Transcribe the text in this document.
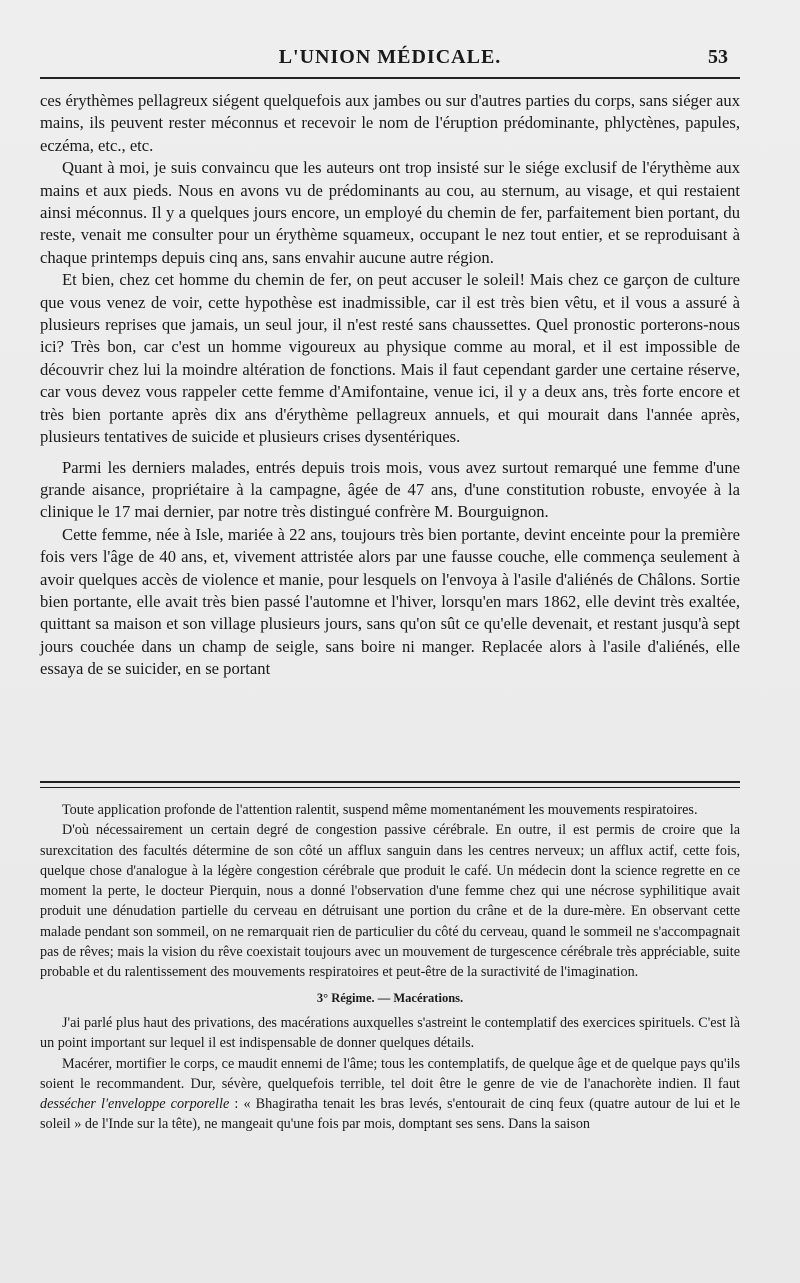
L'UNION MÉDICALE.	53

ces érythèmes pellagreux siégent quelquefois aux jambes ou sur d'autres parties du corps, sans siéger aux mains, ils peuvent rester méconnus et recevoir le nom de l'éruption prédominante, phlyctènes, papules, eczéma, etc., etc.

Quant à moi, je suis convaincu que les auteurs ont trop insisté sur le siége exclusif de l'érythème aux mains et aux pieds. Nous en avons vu de prédominants au cou, au sternum, au visage, et qui restaient ainsi méconnus. Il y a quelques jours encore, un employé du chemin de fer, parfaitement bien portant, du reste, venait me consulter pour un érythème squameux, occupant le nez tout entier, et se reproduisant à chaque printemps depuis cinq ans, sans envahir aucune autre région.

Et bien, chez cet homme du chemin de fer, on peut accuser le soleil! Mais chez ce garçon de culture que vous venez de voir, cette hypothèse est inadmissible, car il est très bien vêtu, et il vous a assuré à plusieurs reprises que jamais, un seul jour, il n'est resté sans chaussettes. Quel pronostic porterons-nous ici? Très bon, car c'est un homme vigoureux au physique comme au moral, et il est impossible de découvrir chez lui la moindre altération de fonctions. Mais il faut cependant garder une certaine réserve, car vous devez vous rappeler cette femme d'Amifontaine, venue ici, il y a deux ans, très forte encore et très bien portante après dix ans d'érythème pellagreux annuels, et qui mourait dans l'année après, plusieurs tentatives de suicide et plusieurs crises dysentériques.

Parmi les derniers malades, entrés depuis trois mois, vous avez surtout remarqué une femme d'une grande aisance, propriétaire à la campagne, âgée de 47 ans, d'une constitution robuste, envoyée à la clinique le 17 mai dernier, par notre très distingué confrère M. Bourguignon.

Cette femme, née à Isle, mariée à 22 ans, toujours très bien portante, devint enceinte pour la première fois vers l'âge de 40 ans, et, vivement attristée alors par une fausse couche, elle commença seulement à avoir quelques accès de violence et manie, pour lesquels on l'envoya à l'asile d'aliénés de Châlons. Sortie bien portante, elle avait très bien passé l'automne et l'hiver, lorsqu'en mars 1862, elle devint très exaltée, quittant sa maison et son village plusieurs jours, sans qu'on sût ce qu'elle devenait, et restant jusqu'à sept jours couchée dans un champ de seigle, sans boire ni manger. Replacée alors à l'asile d'aliénés, elle essaya de se suicider, en se portant

Toute application profonde de l'attention ralentit, suspend même momentanément les mouvements respiratoires.

D'où nécessairement un certain degré de congestion passive cérébrale. En outre, il est permis de croire que la surexcitation des facultés détermine de son côté un afflux sanguin dans les centres nerveux; un afflux actif, cette fois, quelque chose d'analogue à la légère congestion cérébrale que produit le café. Un médecin dont la science regrette en ce moment la perte, le docteur Pierquin, nous a donné l'observation d'une femme chez qui une nécrose syphilitique avait produit une dénudation partielle du cerveau en détruisant une portion du crâne et de la dure-mère. En observant cette malade pendant son sommeil, on ne remarquait rien de particulier du côté du cerveau, quand le sommeil ne s'accompagnait pas de rêves; mais la vision du rêve coexistait toujours avec un mouvement de turgescence cérébrale très appréciable, suite probable et du ralentissement des mouvements respiratoires et peut-être de la suractivité de l'imagination.

3° Régime. — Macérations.

J'ai parlé plus haut des privations, des macérations auxquelles s'astreint le contemplatif des exercices spirituels. C'est là un point important sur lequel il est indispensable de donner quelques détails.

Macérer, mortifier le corps, ce maudit ennemi de l'âme; tous les contemplatifs, de quelque âge et de quelque pays qu'ils soient le recommandent. Dur, sévère, quelquefois terrible, tel doit être le genre de vie de l'anachorète indien. Il faut dessécher l'enveloppe corporelle : « Bhagiratha tenait les bras levés, s'entourait de cinq feux (quatre autour de lui et le soleil » de l'Inde sur la tête), ne mangeait qu'une fois par mois, domptant ses sens. Dans la saison
